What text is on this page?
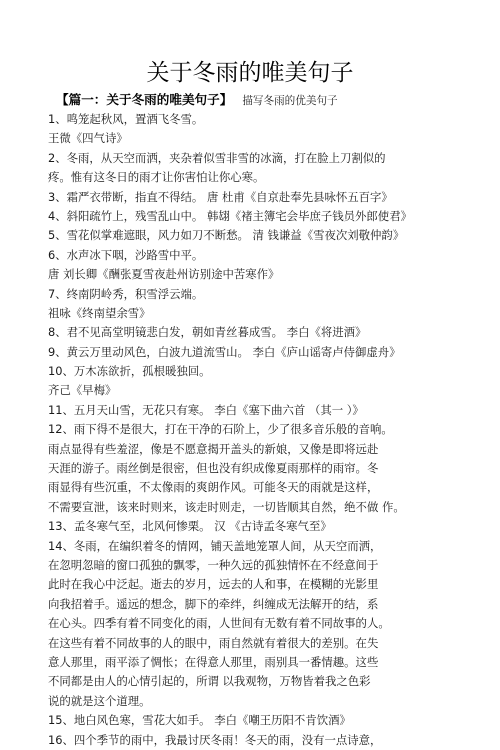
关于冬雨的唯美句子
【篇一：关于冬雨的唯美句子】 描写冬雨的优美句子
1、鸣笼起秋风，置酒飞冬雪。
王微《四气诗》
2、冬雨，从天空而洒，夹杂着似雪非雪的冰滴，打在脸上刀割似的
疼。惟有这冬日的雨才让你害怕让你心寒。
3、霜严衣带断，指直不得结。 唐 杜甫《自京赴奉先县咏怀五百字》
4、斜阳疏竹上，残雪乱山中。 韩翃《褚主簿宅会毕庶子钱员外郎使君》
5、雪花似掌难遮眼，风力如刀不断愁。 清 钱谦益《雪夜次刘敬仲韵》
6、水声冰下咽，沙路雪中平。
唐 刘长卿《酬张夏雪夜赴州访别途中苦寒作》
7、终南阴岭秀，积雪浮云端。
祖咏《终南望余雪》
8、君不见高堂明镜悲白发，朝如青丝暮成雪。 李白《将进酒》
9、黄云万里动风色，白波九道流雪山。 李白《庐山谣寄卢侍御虚舟》
10、万木冻欲折，孤根暖独回。
齐己《早梅》
11、五月天山雪，无花只有寒。 李白《塞下曲六首 （其一 ）》
12、雨下得不是很大，打在干净的石阶上，少了很多音乐般的音响。
雨点显得有些羞涩，像是不愿意揭开盖头的新娘，又像是即将远赴
天涯的游子。雨丝倒是很密，但也没有织成像夏雨那样的雨帘。冬
雨显得有些沉重，不太像雨的爽朗作风。可能冬天的雨就是这样，
不需要宣泄，该来时则来，该走时则走，一切皆顺其自然，绝不做 作。
13、孟冬寒气至，北风何惨栗。 汉 《古诗孟冬寒气至》
14、冬雨，在编织着冬的情网，铺天盖地笼罩人间，从天空而洒，
在忽明忽暗的窗口孤独的飘零，一种久远的孤独情怀在不经意间于
此时在我心中泛起。逝去的岁月，远去的人和事，在模糊的光影里
向我招着手。遥远的想念，脚下的牵绊，纠缠成无法解开的结，系
在心头。四季有着不同变化的雨，人世间有无数有着不同故事的人。
在这些有着不同故事的人的眼中，雨自然就有着很大的差别。在失
意人那里，雨平添了惆怅；在得意人那里，雨别具一番情趣。这些
不同都是由人的心情引起的，所谓 以我观物，万物皆着我之色彩
说的就是这个道理。
15、地白风色寒，雪花大如手。 李白《嘲王历阳不肯饮酒》
16、四个季节的雨中，我最讨厌冬雨！冬天的雨，没有一点诗意，
